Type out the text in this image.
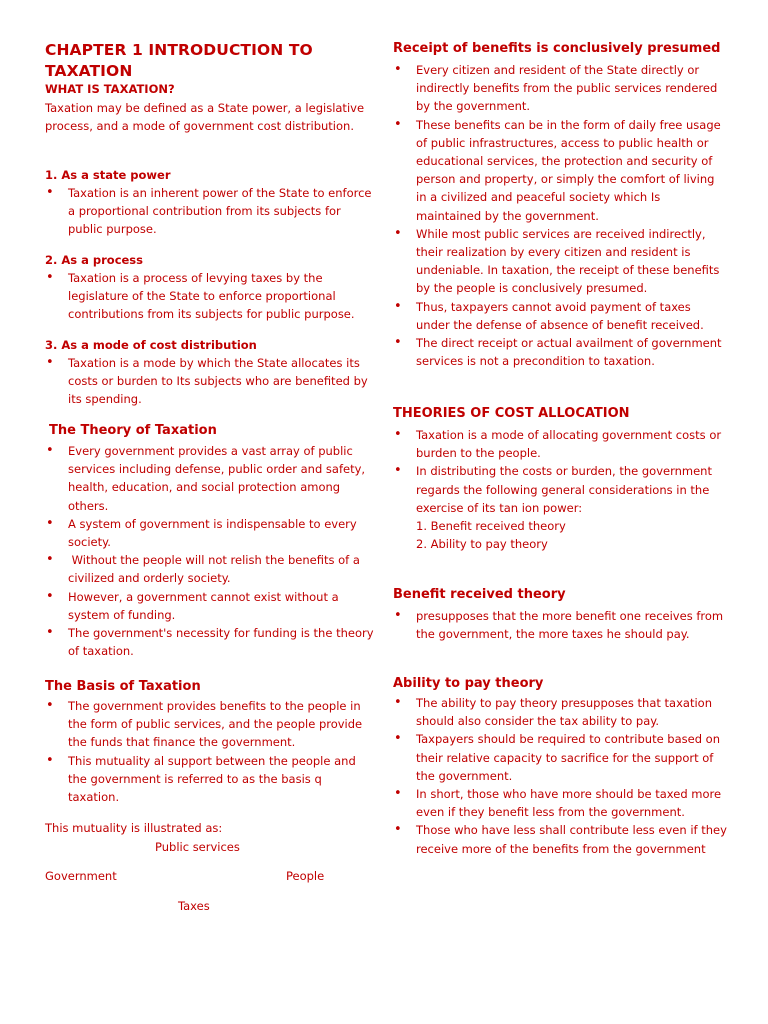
CHAPTER 1 INTRODUCTION TO
TAXATION
WHAT IS TAXATION?
Taxation may be defined as a State power, a legislative process, and a mode of government cost distribution.
1. As a state power
• Taxation is an inherent power of the State to enforce a proportional contribution from its subjects for public purpose.
2. As a process
• Taxation is a process of levying taxes by the legislature of the State to enforce proportional contributions from its subjects for public purpose.
3. As a mode of cost distribution
• Taxation is a mode by which the State allocates its costs or burden to Its subjects who are benefited by its spending.
The Theory of Taxation
• Every government provides a vast array of public services including defense, public order and safety, health, education, and social protection among others.
• A system of government is indispensable to every society.
•  Without the people will not relish the benefits of a civilized and orderly society.
• However, a government cannot exist without a system of funding.
• The government's necessity for funding is the theory of taxation.
The Basis of Taxation
• The government provides benefits to the people in the form of public services, and the people provide the funds that finance the government.
• This mutuality al support between the people and the government is referred to as the basis q taxation.
This mutuality is illustrated as:
Public services
Government	People
Taxes
Receipt of benefits is conclusively presumed
• Every citizen and resident of the State directly or indirectly benefits from the public services rendered by the government.
• These benefits can be in the form of daily free usage of public infrastructures, access to public health or educational services, the protection and security of person and property, or simply the comfort of living in a civilized and peaceful society which Is maintained by the government.
• While most public services are received indirectly, their realization by every citizen and resident is undeniable. In taxation, the receipt of these benefits by the people is conclusively presumed.
• Thus, taxpayers cannot avoid payment of taxes under the defense of absence of benefit received.
• The direct receipt or actual availment of government services is not a precondition to taxation.
THEORIES OF COST ALLOCATION
• Taxation is a mode of allocating government costs or burden to the people.
• In distributing the costs or burden, the government regards the following general considerations in the exercise of its tan ion power:
1. Benefit received theory
2. Ability to pay theory
Benefit received theory
• presupposes that the more benefit one receives from the government, the more taxes he should pay.
Ability to pay theory
• The ability to pay theory presupposes that taxation should also consider the tax ability to pay.
• Taxpayers should be required to contribute based on their relative capacity to sacrifice for the support of the government.
• In short, those who have more should be taxed more even if they benefit less from the government.
• Those who have less shall contribute less even if they receive more of the benefits from the government
